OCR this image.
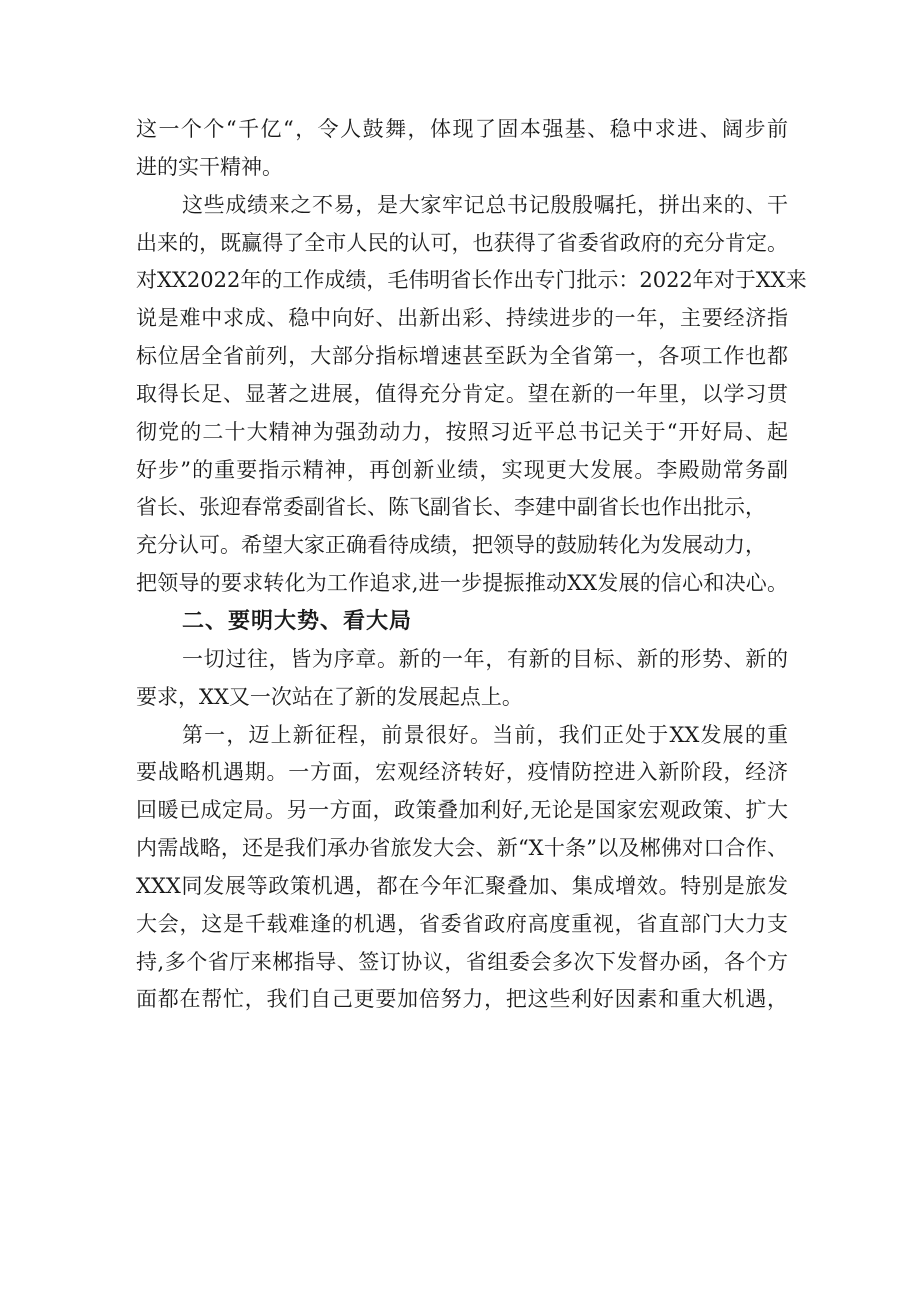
这一个个“千亿“，令人鼓舞，体现了固本强基、稳中求进、阔步前
进的实干精神。
这些成绩来之不易，是大家牢记总书记殷殷嘱托，拼出来的、干
出来的，既赢得了全市人民的认可，也获得了省委省政府的充分肯定。
对XX2022年的工作成绩，毛伟明省长作出专门批示：2022年对于XX来
说是难中求成、稳中向好、出新出彩、持续进步的一年，主要经济指
标位居全省前列，大部分指标增速甚至跃为全省第一，各项工作也都
取得长足、显著之进展，值得充分肯定。望在新的一年里，以学习贯
彻党的二十大精神为强劲动力，按照习近平总书记关于“开好局、起
好步”的重要指示精神，再创新业绩，实现更大发展。李殿勋常务副
省长、张迎春常委副省长、陈飞副省长、李建中副省长也作出批示，
充分认可。希望大家正确看待成绩，把领导的鼓励转化为发展动力，
把领导的要求转化为工作追求,进一步提振推动XX发展的信心和决心。
二、要明大势、看大局
一切过往，皆为序章。新的一年，有新的目标、新的形势、新的
要求，XX又一次站在了新的发展起点上。
第一，迈上新征程，前景很好。当前，我们正处于XX发展的重
要战略机遇期。一方面，宏观经济转好，疫情防控进入新阶段，经济
回暖已成定局。另一方面，政策叠加利好,无论是国家宏观政策、扩大
内需战略，还是我们承办省旅发大会、新“X十条”以及郴佛对口合作、
XXX同发展等政策机遇，都在今年汇聚叠加、集成增效。特别是旅发
大会，这是千载难逢的机遇，省委省政府高度重视，省直部门大力支
持,多个省厅来郴指导、签订协议，省组委会多次下发督办函，各个方
面都在帮忙，我们自己更要加倍努力，把这些利好因素和重大机遇，
